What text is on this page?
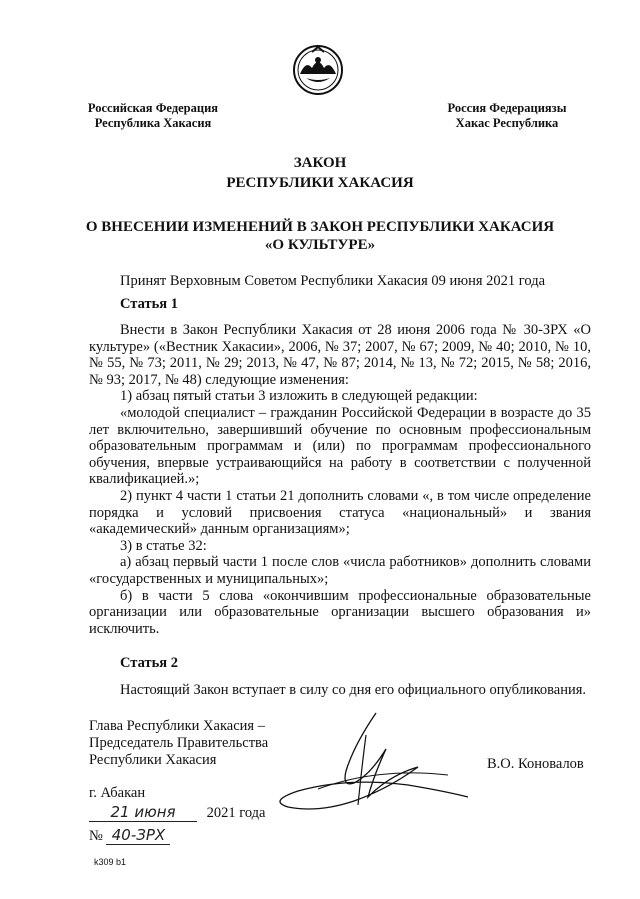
Российская Федерация
Республика Хакасия
Россия Федерациязы
Хакас Республика
ЗАКОН
РЕСПУБЛИКИ ХАКАСИЯ
О ВНЕСЕНИИ ИЗМЕНЕНИЙ В ЗАКОН РЕСПУБЛИКИ ХАКАСИЯ
«О КУЛЬТУРЕ»
Принят Верховным Советом Республики Хакасия 09 июня 2021 года
Статья 1

Внести в Закон Республики Хакасия от 28 июня 2006 года № 30-ЗРХ «О культуре» («Вестник Хакасии», 2006, № 37; 2007, № 67; 2009, № 40; 2010, № 10, № 55, № 73; 2011, № 29; 2013, № 47, № 87; 2014, № 13, № 72; 2015, № 58; 2016, № 93; 2017, № 48) следующие изменения:

1) абзац пятый статьи 3 изложить в следующей редакции:

«молодой специалист – гражданин Российской Федерации в возрасте до 35 лет включительно, завершивший обучение по основным профессиональным образовательным программам и (или) по программам профессионального обучения, впервые устраивающийся на работу в соответствии с полученной квалификацией.»;

2) пункт 4 части 1 статьи 21 дополнить словами «, в том числе определение порядка и условий присвоения статуса «национальный» и звания «академический» данным организациям»;

3) в статье 32:

а) абзац первый части 1 после слов «числа работников» дополнить словами «государственных и муниципальных»;

б) в части 5 слова «окончившим профессиональные образовательные организации или образовательные организации высшего образования и» исключить.

Статья 2

Настоящий Закон вступает в силу со дня его официального опубликования.

Глава Республики Хакасия –
Председатель Правительства
Республики Хакасия	В.О. Коновалов
г. Абакан
21 июня 2021 года
№ 40-ЗРХ
k309 b1
